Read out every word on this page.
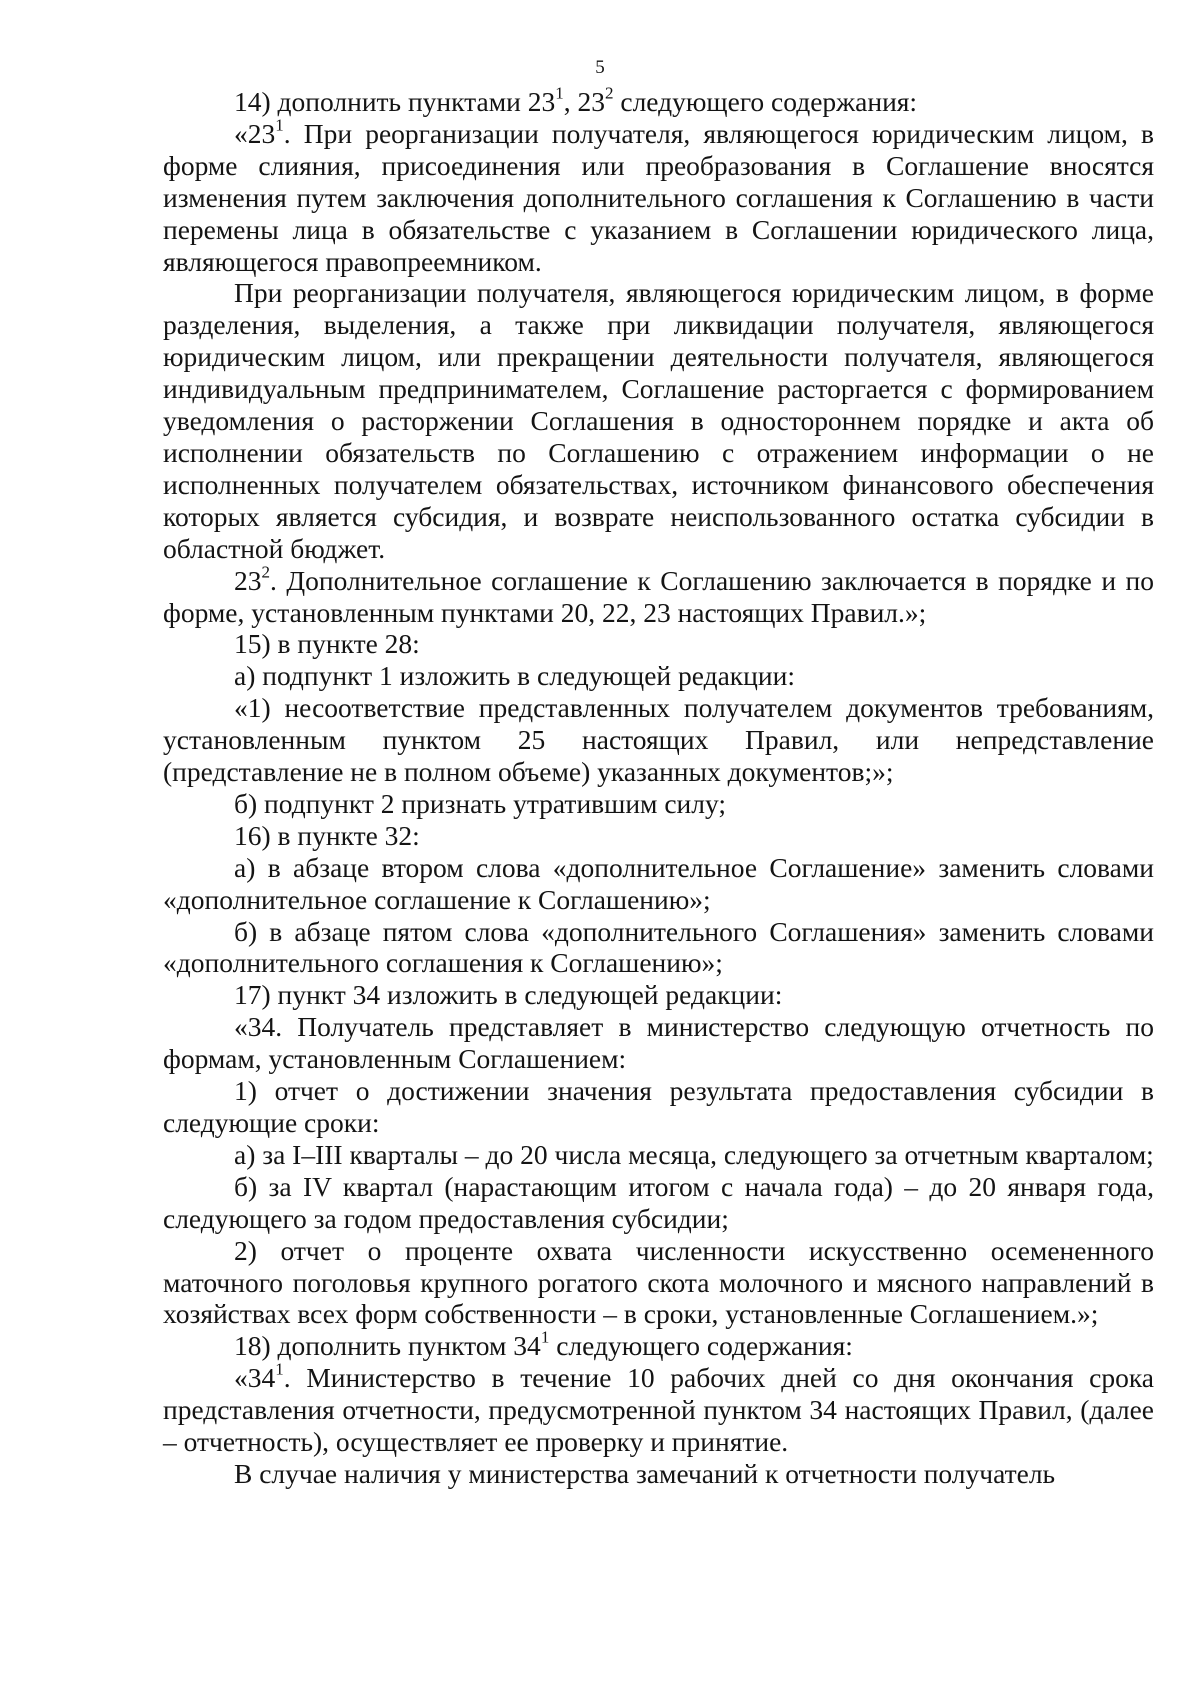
5

14) дополнить пунктами $23^1$, $23^2$ следующего содержания:

«$23^1$. При реорганизации получателя, являющегося юридическим лицом, в форме слияния, присоединения или преобразования в Соглашение вносятся изменения путем заключения дополнительного соглашения к Соглашению в части перемены лица в обязательстве с указанием в Соглашении юридического лица, являющегося правопреемником.

При реорганизации получателя, являющегося юридическим лицом, в форме разделения, выделения, а также при ликвидации получателя, являющегося юридическим лицом, или прекращении деятельности получателя, являющегося индивидуальным предпринимателем, Соглашение расторгается с формированием уведомления о расторжении Соглашения в одностороннем порядке и акта об исполнении обязательств по Соглашению с отражением информации о не исполненных получателем обязательствах, источником финансового обеспечения которых является субсидия, и возврате неиспользованного остатка субсидии в областной бюджет.

$23^2$. Дополнительное соглашение к Соглашению заключается в порядке и по форме, установленным пунктами 20, 22, 23 настоящих Правил.»;

15) в пункте 28:

а) подпункт 1 изложить в следующей редакции:

«1) несоответствие представленных получателем документов требованиям, установленным пунктом 25 настоящих Правил, или непредставление (представление не в полном объеме) указанных документов;»;

б) подпункт 2 признать утратившим силу;

16) в пункте 32:

а) в абзаце втором слова «дополнительное Соглашение» заменить словами «дополнительное соглашение к Соглашению»;

б) в абзаце пятом слова «дополнительного Соглашения» заменить словами «дополнительного соглашения к Соглашению»;

17) пункт 34 изложить в следующей редакции:

«34. Получатель представляет в министерство следующую отчетность по формам, установленным Соглашением:

1) отчет о достижении значения результата предоставления субсидии в следующие сроки:

а) за I–III кварталы – до 20 числа месяца, следующего за отчетным кварталом;

б) за IV квартал (нарастающим итогом с начала года) – до 20 января года, следующего за годом предоставления субсидии;

2) отчет о проценте охвата численности искусственно осемененного маточного поголовья крупного рогатого скота молочного и мясного направлений в хозяйствах всех форм собственности – в сроки, установленные Соглашением.»;

18) дополнить пунктом $34^1$ следующего содержания:

«$34^1$. Министерство в течение 10 рабочих дней со дня окончания срока представления отчетности, предусмотренной пунктом 34 настоящих Правил, (далее – отчетность), осуществляет ее проверку и принятие.

В случае наличия у министерства замечаний к отчетности получатель
